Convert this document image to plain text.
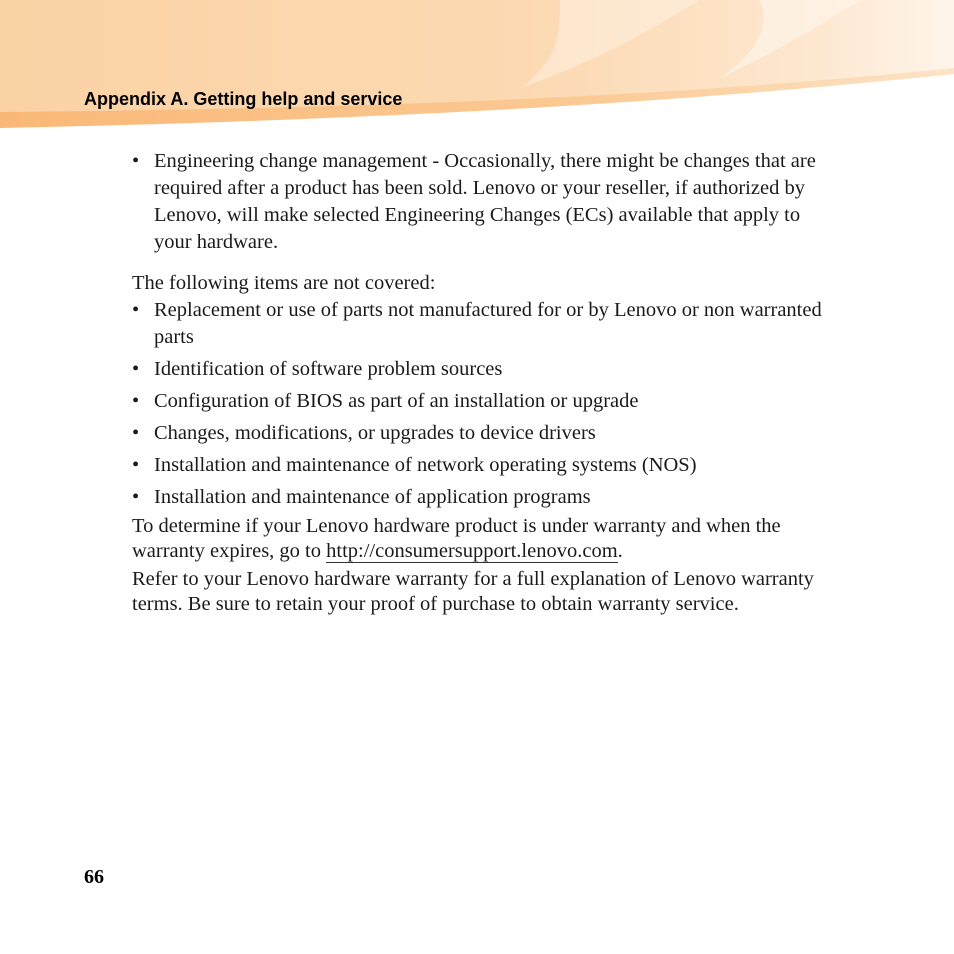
Appendix A. Getting help and service
• Engineering change management - Occasionally, there might be changes that are required after a product has been sold. Lenovo or your reseller, if authorized by Lenovo, will make selected Engineering Changes (ECs) available that apply to your hardware.

The following items are not covered:

• Replacement or use of parts not manufactured for or by Lenovo or non warranted parts
• Identification of software problem sources
• Configuration of BIOS as part of an installation or upgrade
• Changes, modifications, or upgrades to device drivers
• Installation and maintenance of network operating systems (NOS)
• Installation and maintenance of application programs

To determine if your Lenovo hardware product is under warranty and when the warranty expires, go to http://consumersupport.lenovo.com.

Refer to your Lenovo hardware warranty for a full explanation of Lenovo warranty terms. Be sure to retain your proof of purchase to obtain warranty service.

66
